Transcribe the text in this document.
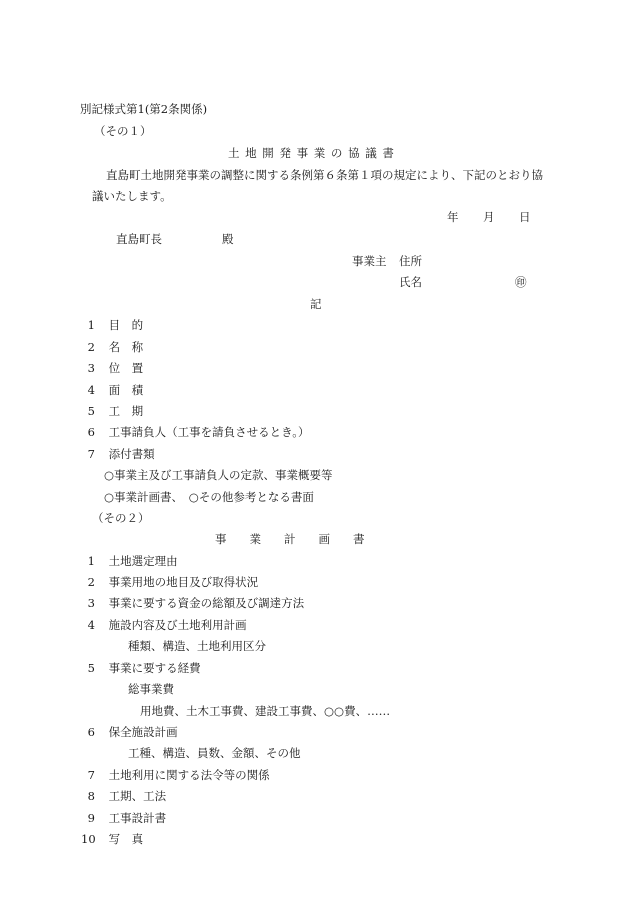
別記様式第1(第2条関係)
（その１）
土 地 開 発 事 業 の 協 議 書
直島町土地開発事業の調整に関する条例第６条第１項の規定により、下記のとおり協
議いたします。
年 月 日
直島町長	殿
事業主 住所
氏名	㊞
記
1 目　的
2 名　称
3 位　置
4 面　積
5 工　期
6 工事請負人（工事を請負させるとき。）
7 添付書類
○事業主及び工事請負人の定款、事業概要等
○事業計画書、　○その他参考となる書面
（その２）
事　　業　　計　　画　　書
1 土地選定理由
2 事業用地の地目及び取得状況
3 事業に要する資金の総額及び調達方法
4 施設内容及び土地利用計画
種類、構造、土地利用区分
5 事業に要する経費
総事業費
用地費、土木工事費、建設工事費、○○費、……
6 保全施設計画
工種、構造、員数、金額、その他
7 土地利用に関する法令等の関係
8 工期、工法
9 工事設計書
10 写　真
